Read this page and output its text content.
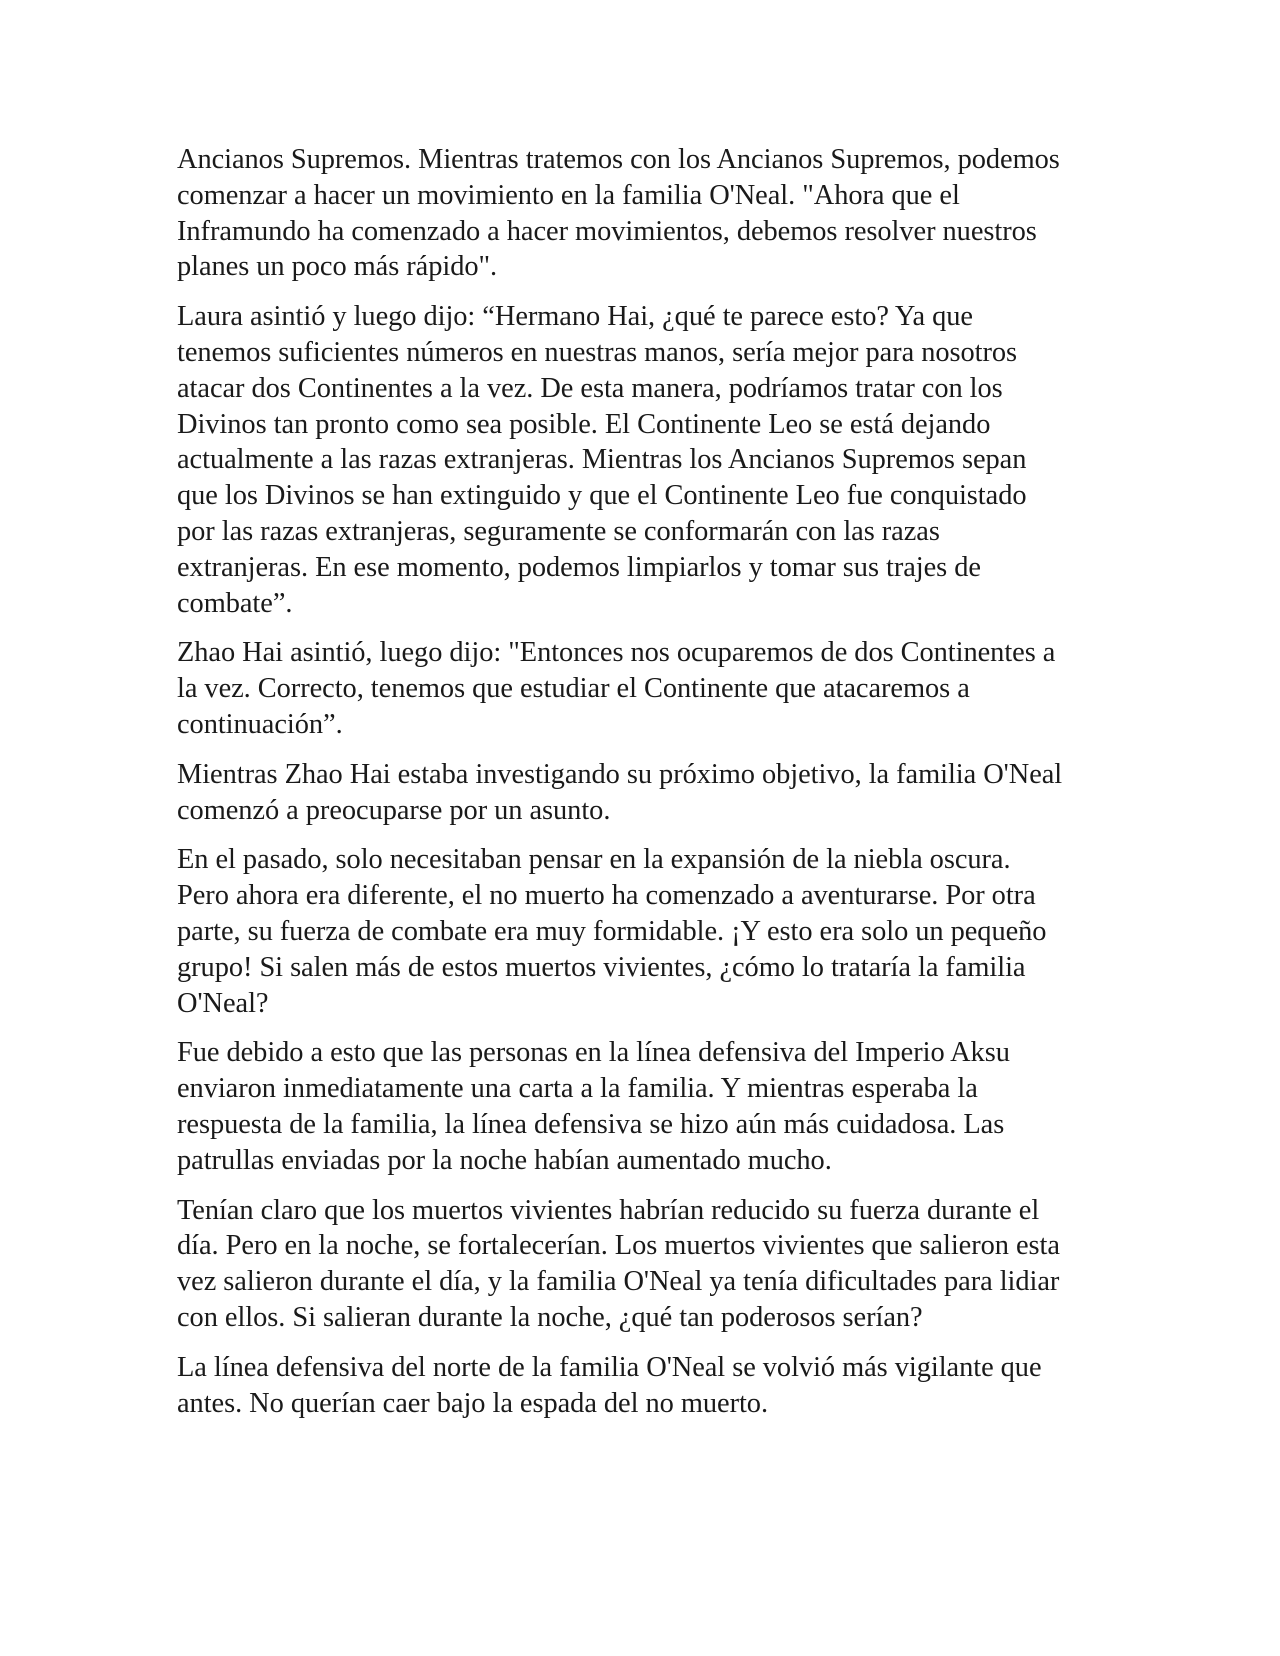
Ancianos Supremos. Mientras tratemos con los Ancianos Supremos, podemos
comenzar a hacer un movimiento en la familia O'Neal. "Ahora que el
Inframundo ha comenzado a hacer movimientos, debemos resolver nuestros
planes un poco más rápido".

Laura asintió y luego dijo: “Hermano Hai, ¿qué te parece esto? Ya que
tenemos suficientes números en nuestras manos, sería mejor para nosotros
atacar dos Continentes a la vez. De esta manera, podríamos tratar con los
Divinos tan pronto como sea posible. El Continente Leo se está dejando
actualmente a las razas extranjeras. Mientras los Ancianos Supremos sepan
que los Divinos se han extinguido y que el Continente Leo fue conquistado
por las razas extranjeras, seguramente se conformarán con las razas
extranjeras. En ese momento, podemos limpiarlos y tomar sus trajes de
combate”.

Zhao Hai asintió, luego dijo: "Entonces nos ocuparemos de dos Continentes a
la vez. Correcto, tenemos que estudiar el Continente que atacaremos a
continuación”.

Mientras Zhao Hai estaba investigando su próximo objetivo, la familia O'Neal
comenzó a preocuparse por un asunto.

En el pasado, solo necesitaban pensar en la expansión de la niebla oscura.
Pero ahora era diferente, el no muerto ha comenzado a aventurarse. Por otra
parte, su fuerza de combate era muy formidable. ¡Y esto era solo un pequeño
grupo! Si salen más de estos muertos vivientes, ¿cómo lo trataría la familia
O'Neal?

Fue debido a esto que las personas en la línea defensiva del Imperio Aksu
enviaron inmediatamente una carta a la familia. Y mientras esperaba la
respuesta de la familia, la línea defensiva se hizo aún más cuidadosa. Las
patrullas enviadas por la noche habían aumentado mucho.

Tenían claro que los muertos vivientes habrían reducido su fuerza durante el
día. Pero en la noche, se fortalecerían. Los muertos vivientes que salieron esta
vez salieron durante el día, y la familia O'Neal ya tenía dificultades para lidiar
con ellos. Si salieran durante la noche, ¿qué tan poderosos serían?

La línea defensiva del norte de la familia O'Neal se volvió más vigilante que
antes. No querían caer bajo la espada del no muerto.
